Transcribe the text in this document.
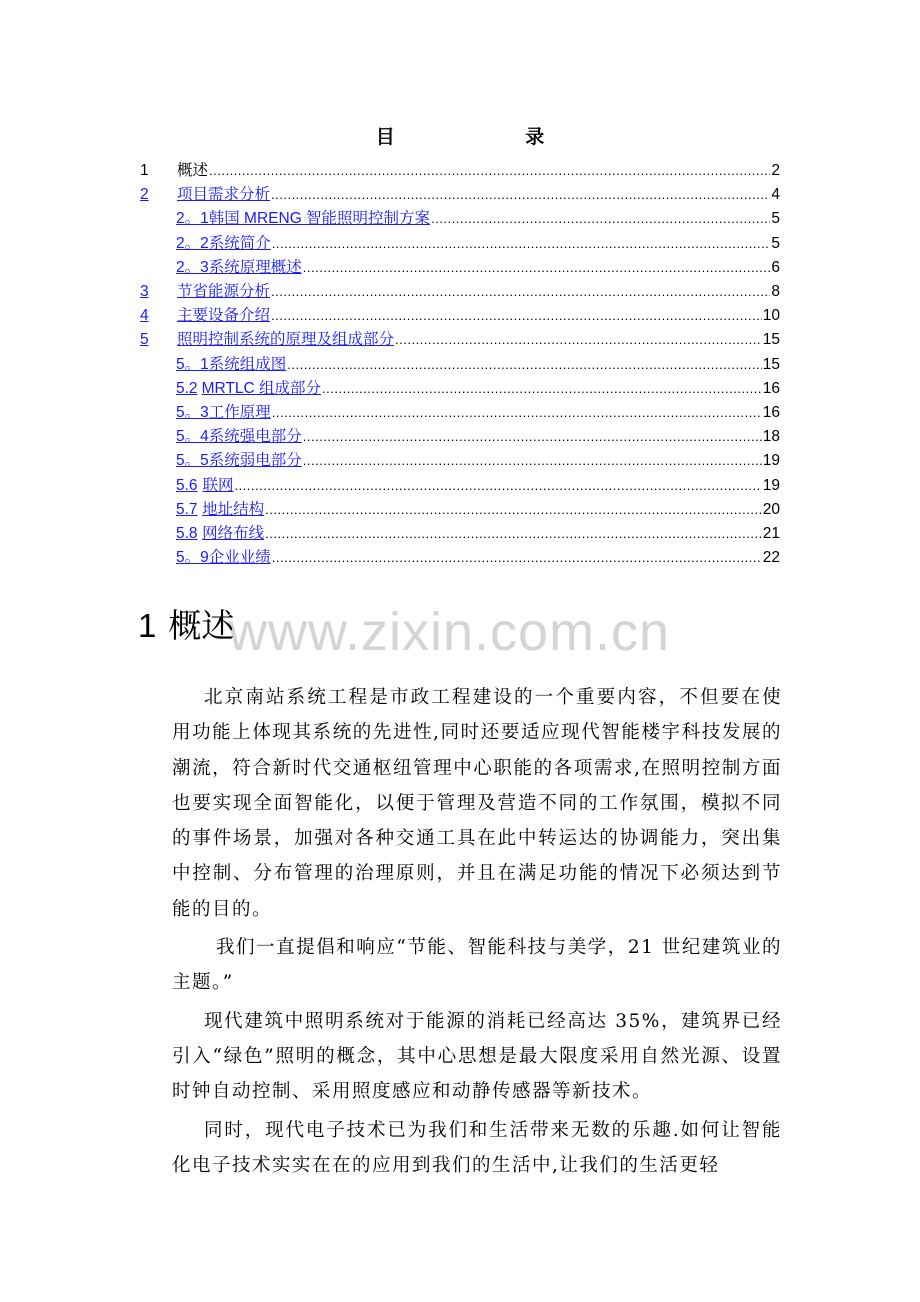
目 录
1	概述 .....	2
2	项目需求分析 .....	4
2。1 韩国 MRENG 智能照明控制方案 .....	5
2。2 系统简介 .....	5
2。3 系统原理概述 .....	6
3	节省能源分析 .....	8
4	主要设备介绍 .....	10
5	照明控制系统的原理及组成部分 .....	15
5。1 系统组成图 .....	15
5.2 MRTLC 组成部分 .....	16
5。3 工作原理 .....	16
5。4 系统强电部分 .....	18
5。5 系统弱电部分 .....	19
5.6 联网 .....	19
5.7 地址结构 .....	20
5.8 网络布线 .....	21
5。9 企业业绩 .....	22
www.zixin.com.cn
1 概述

北京南站系统工程是市政工程建设的一个重要内容，不但要在使用功能上体现其系统的先进性,同时还要适应现代智能楼宇科技发展的潮流，符合新时代交通枢纽管理中心职能的各项需求,在照明控制方面也要实现全面智能化，以便于管理及营造不同的工作氛围，模拟不同的事件场景，加强对各种交通工具在此中转运达的协调能力，突出集中控制、分布管理的治理原则，并且在满足功能的情况下必须达到节能的目的。

我们一直提倡和响应“节能、智能科技与美学，21 世纪建筑业的主题。”

现代建筑中照明系统对于能源的消耗已经高达 35%，建筑界已经引入“绿色”照明的概念，其中心思想是最大限度采用自然光源、设置时钟自动控制、采用照度感应和动静传感器等新技术。

同时，现代电子技术已为我们和生活带来无数的乐趣.如何让智能化电子技术实实在在的应用到我们的生活中,让我们的生活更轻
